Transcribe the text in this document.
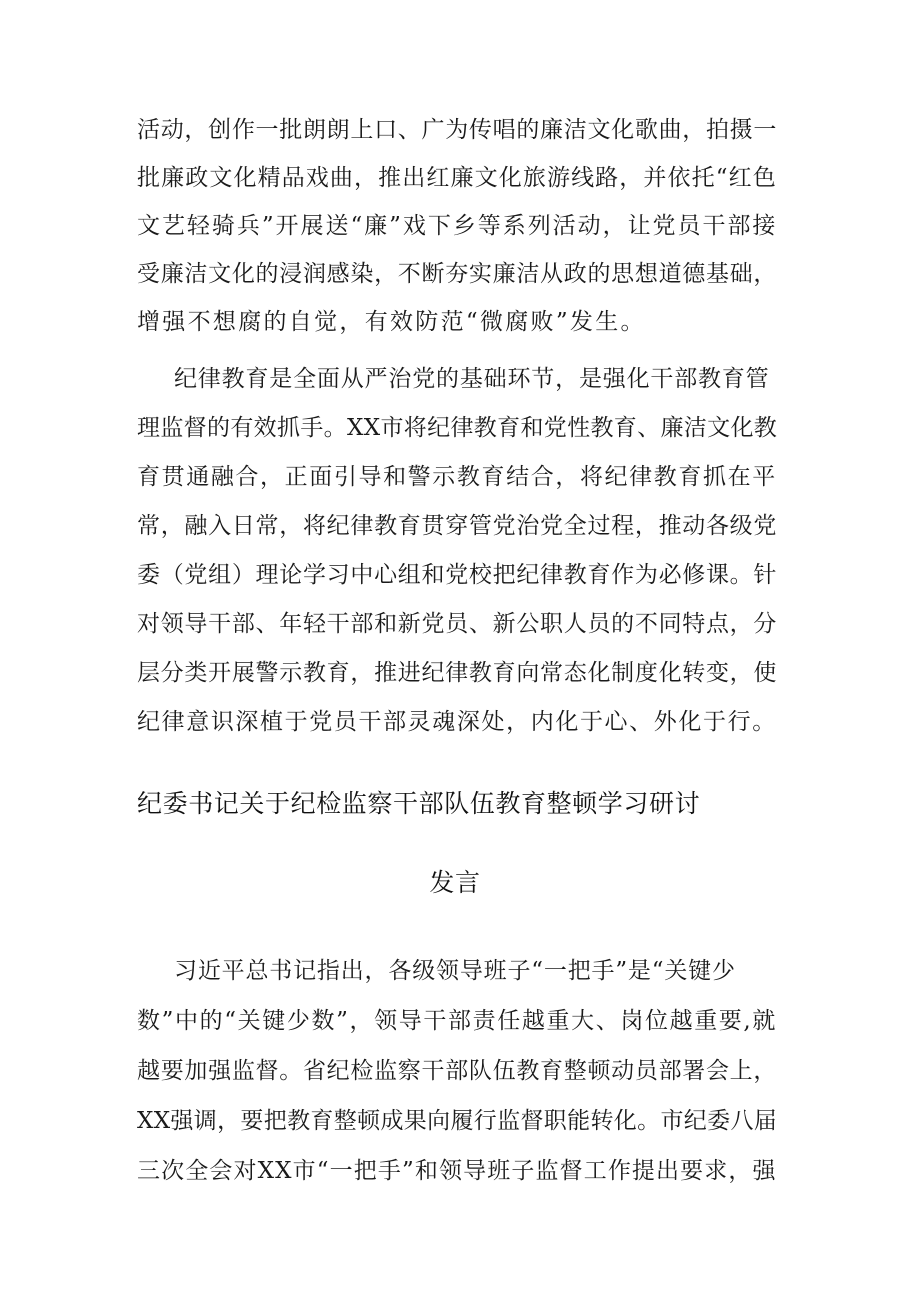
活动，创作一批朗朗上口、广为传唱的廉洁文化歌曲，拍摄一
批廉政文化精品戏曲，推出红廉文化旅游线路，并依托“红色
文艺轻骑兵”开展送“廉”戏下乡等系列活动，让党员干部接
受廉洁文化的浸润感染，不断夯实廉洁从政的思想道德基础，
增强不想腐的自觉，有效防范“微腐败”发生。
纪律教育是全面从严治党的基础环节，是强化干部教育管
理监督的有效抓手。XX市将纪律教育和党性教育、廉洁文化教
育贯通融合，正面引导和警示教育结合，将纪律教育抓在平
常，融入日常，将纪律教育贯穿管党治党全过程，推动各级党
委（党组）理论学习中心组和党校把纪律教育作为必修课。针
对领导干部、年轻干部和新党员、新公职人员的不同特点，分
层分类开展警示教育，推进纪律教育向常态化制度化转变，使
纪律意识深植于党员干部灵魂深处，内化于心、外化于行。
纪委书记关于纪检监察干部队伍教育整顿学习研讨
发言
习近平总书记指出，各级领导班子“一把手”是“关键少
数”中的“关键少数”，领导干部责任越重大、岗位越重要,就
越要加强监督。省纪检监察干部队伍教育整顿动员部署会上，
XX强调，要把教育整顿成果向履行监督职能转化。市纪委八届
三次全会对XX市“一把手”和领导班子监督工作提出要求，强
